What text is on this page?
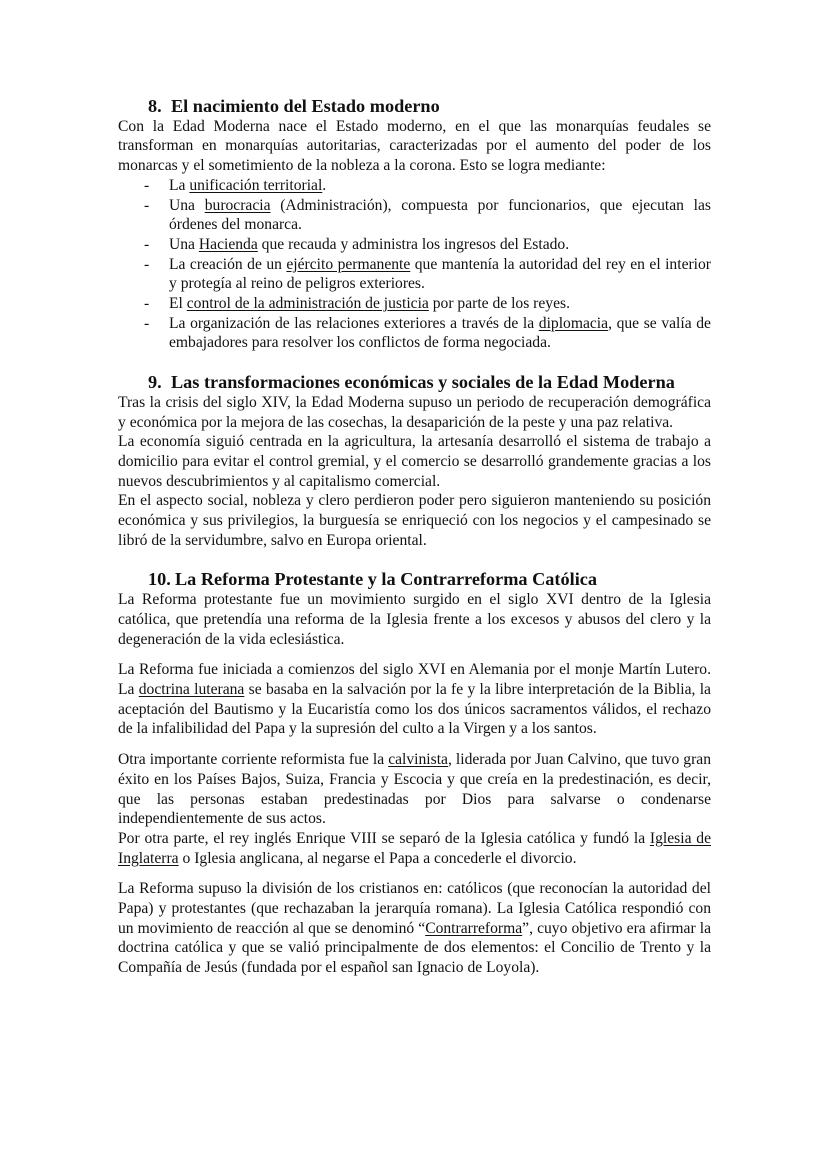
8. El nacimiento del Estado moderno

Con la Edad Moderna nace el Estado moderno, en el que las monarquías feudales se transforman en monarquías autoritarias, caracterizadas por el aumento del poder de los monarcas y el sometimiento de la nobleza a la corona. Esto se logra mediante:

- La unificación territorial.
- Una burocracia (Administración), compuesta por funcionarios, que ejecutan las órdenes del monarca.
- Una Hacienda que recauda y administra los ingresos del Estado.
- La creación de un ejército permanente que mantenía la autoridad del rey en el interior y protegía al reino de peligros exteriores.
- El control de la administración de justicia por parte de los reyes.
- La organización de las relaciones exteriores a través de la diplomacia, que se valía de embajadores para resolver los conflictos de forma negociada.
9. Las transformaciones económicas y sociales de la Edad Moderna

Tras la crisis del siglo XIV, la Edad Moderna supuso un periodo de recuperación demográfica y económica por la mejora de las cosechas, la desaparición de la peste y una paz relativa.

La economía siguió centrada en la agricultura, la artesanía desarrolló el sistema de trabajo a domicilio para evitar el control gremial, y el comercio se desarrolló grandemente gracias a los nuevos descubrimientos y al capitalismo comercial.

En el aspecto social, nobleza y clero perdieron poder pero siguieron manteniendo su posición económica y sus privilegios, la burguesía se enriqueció con los negocios y el campesinado se libró de la servidumbre, salvo en Europa oriental.

10. La Reforma Protestante y la Contrarreforma Católica

La Reforma protestante fue un movimiento surgido en el siglo XVI dentro de la Iglesia católica, que pretendía una reforma de la Iglesia frente a los excesos y abusos del clero y la degeneración de la vida eclesiástica.

La Reforma fue iniciada a comienzos del siglo XVI en Alemania por el monje Martín Lutero. La doctrina luterana se basaba en la salvación por la fe y la libre interpretación de la Biblia, la aceptación del Bautismo y la Eucaristía como los dos únicos sacramentos válidos, el rechazo de la infalibilidad del Papa y la supresión del culto a la Virgen y a los santos.

Otra importante corriente reformista fue la calvinista, liderada por Juan Calvino, que tuvo gran éxito en los Países Bajos, Suiza, Francia y Escocia y que creía en la predestinación, es decir, que las personas estaban predestinadas por Dios para salvarse o condenarse independientemente de sus actos.

Por otra parte, el rey inglés Enrique VIII se separó de la Iglesia católica y fundó la Iglesia de Inglaterra o Iglesia anglicana, al negarse el Papa a concederle el divorcio.

La Reforma supuso la división de los cristianos en: católicos (que reconocían la autoridad del Papa) y protestantes (que rechazaban la jerarquía romana). La Iglesia Católica respondió con un movimiento de reacción al que se denominó “Contrarreforma”, cuyo objetivo era afirmar la doctrina católica y que se valió principalmente de dos elementos: el Concilio de Trento y la Compañía de Jesús (fundada por el español san Ignacio de Loyola).
